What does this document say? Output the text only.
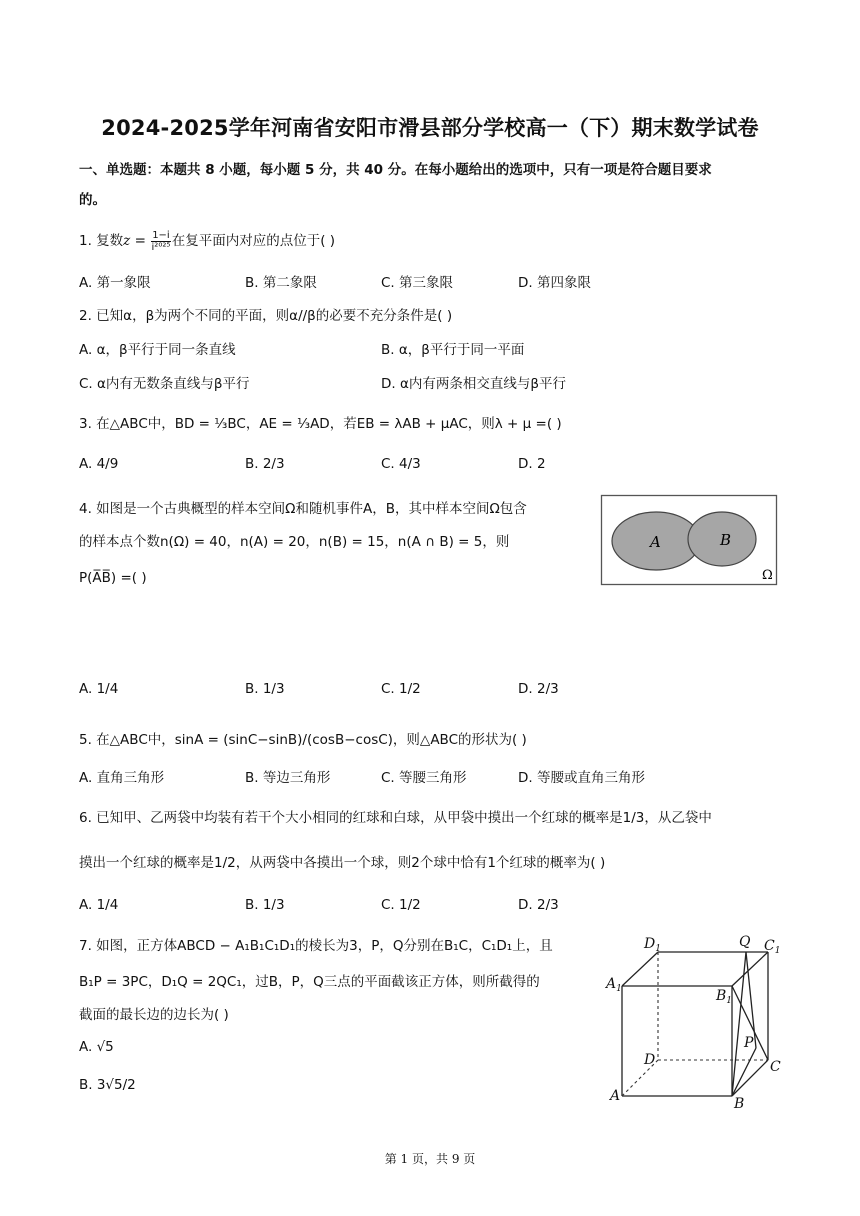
2024-2025学年河南省安阳市滑县部分学校高一（下）期末数学试卷
一、单选题：本题共 8 小题，每小题 5 分，共 40 分。在每小题给出的选项中，只有一项是符合题目要求
的。
1. 复数$z = \frac{1-i}{\text{i²⁰²⁵}}$ 在复平面内对应的点位于( )
A. 第一象限	B. 第二象限	C. 第三象限	D. 第四象限
2. 已知α，β为两个不同的平面，则α//β的必要不充分条件是( )
A. α，β平行于同一条直线	B. α，β平行于同一平面
C. α内有无数条直线与β平行	D. α内有两条相交直线与β平行
3. 在△ABC中，BD = ⅓BC，AE = ⅓AD，若EB = λAB + μAC，则λ + μ =( )
A. 4/9	B. 2/3	C. 4/3	D. 2
4. 如图是一个古典概型的样本空间Ω和随机事件A，B，其中样本空间Ω包含
的样本点个数n(Ω) = 40，n(A) = 20，n(B) = 15，n(A ∩ B) = 5，则
P(A̅B̅) =( )
A	B
Ω
A. 1/4	B. 1/3	C. 1/2	D. 2/3
5. 在△ABC中，sinA = (sinC−sinB)/(cosB−cosC)，则△ABC的形状为( )
A. 直角三角形	B. 等边三角形	C. 等腰三角形	D. 等腰或直角三角形
6. 已知甲、乙两袋中均装有若干个大小相同的红球和白球，从甲袋中摸出一个红球的概率是1/3，从乙袋中
摸出一个红球的概率是1/2，从两袋中各摸出一个球，则2个球中恰有1个红球的概率为( )
A. 1/4	B. 1/3	C. 1/2	D. 2/3
7. 如图，正方体ABCD − A₁B₁C₁D₁的棱长为3，P，Q分别在B₁C，C₁D₁上，且
B₁P = 3PC，D₁Q = 2QC₁，过B，P，Q三点的平面截该正方体，则所截得的
截面的最长边的边长为( )
A. √5
B. 3√5/2
$D_1$	Q $C_1$
$A_1$	$B_1$
D
P
C
A	B
第 1 页，共 9 页
